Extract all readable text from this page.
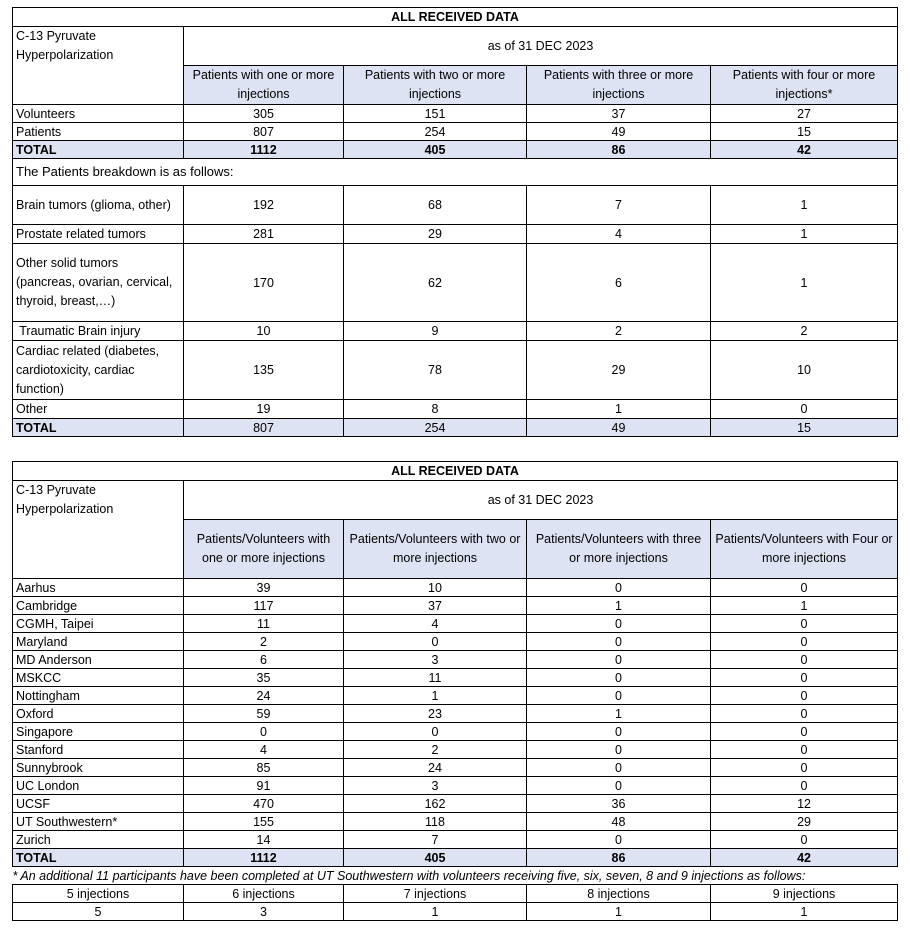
ALL RECEIVED DATA				
C-13 Pyruvate Hyperpolarization	as of 31 DEC 2023			
	Patients with one or more injections	Patients with two or more injections	Patients with three or more injections	Patients with four or more injections*
Volunteers	305	151	37	27
Patients	807	254	49	15
TOTAL	1112	405	86	42
The Patients breakdown is as follows:				
Brain tumors (glioma, other)	192	68	7	1
Prostate related tumors	281	29	4	1
Other solid tumors (pancreas, ovarian, cervical, thyroid, breast,…)	170	62	6	1
Traumatic Brain injury	10	9	2	2
Cardiac related (diabetes, cardiotoxicity, cardiac function)	135	78	29	10
Other	19	8	1	0
TOTAL	807	254	49	15
ALL RECEIVED DATA				
C-13 Pyruvate Hyperpolarization	as of 31 DEC 2023			
	Patients/Volunteers with one or more injections	Patients/Volunteers with two or more injections	Patients/Volunteers with three or more injections	Patients/Volunteers with Four or more injections
Aarhus	39	10	0	0
Cambridge	117	37	1	1
CGMH, Taipei	11	4	0	0
Maryland	2	0	0	0
MD Anderson	6	3	0	0
MSKCC	35	11	0	0
Nottingham	24	1	0	0
Oxford	59	23	1	0
Singapore	0	0	0	0
Stanford	4	2	0	0
Sunnybrook	85	24	0	0
UC London	91	3	0	0
UCSF	470	162	36	12
UT Southwestern*	155	118	48	29
Zurich	14	7	0	0
TOTAL	1112	405	86	42
* An additional 11 participants have been completed at UT Southwestern with volunteers receiving five, six, seven, 8 and 9 injections as follows:				
5 injections	6 injections	7 injections	8 injections	9 injections
5	3	1	1	1
